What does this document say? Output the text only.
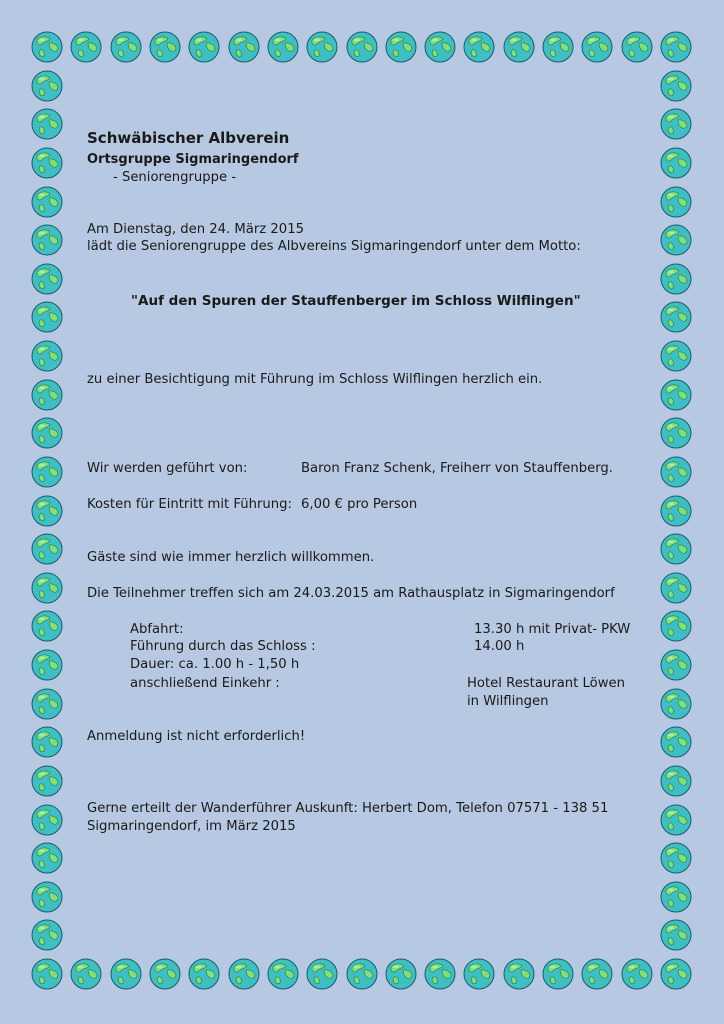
Schwäbischer Albverein
Ortsgruppe Sigmaringendorf
- Seniorengruppe -
Am Dienstag, den 24. März 2015
lädt die Seniorengruppe des Albvereins Sigmaringendorf unter dem Motto:
"Auf den Spuren der Stauffenberger im Schloss Wilflingen"
zu einer Besichtigung mit Führung im Schloss Wilflingen herzlich ein.
Wir werden geführt von:	Baron Franz Schenk, Freiherr von Stauffenberg.
Kosten für Eintritt mit Führung: 6,00 € pro Person
Gäste sind wie immer herzlich willkommen.
Die Teilnehmer treffen sich am 24.03.2015 am Rathausplatz in Sigmaringendorf
Abfahrt:	13.30 h mit Privat- PKW
Führung durch das Schloss :	14.00 h
Dauer: ca. 1.00 h - 1,50 h
anschließend Einkehr :	Hotel Restaurant Löwen
in Wilflingen
Anmeldung ist nicht erforderlich!
Gerne erteilt der Wanderführer Auskunft: Herbert Dom, Telefon 07571 - 138 51
Sigmaringendorf, im März 2015
